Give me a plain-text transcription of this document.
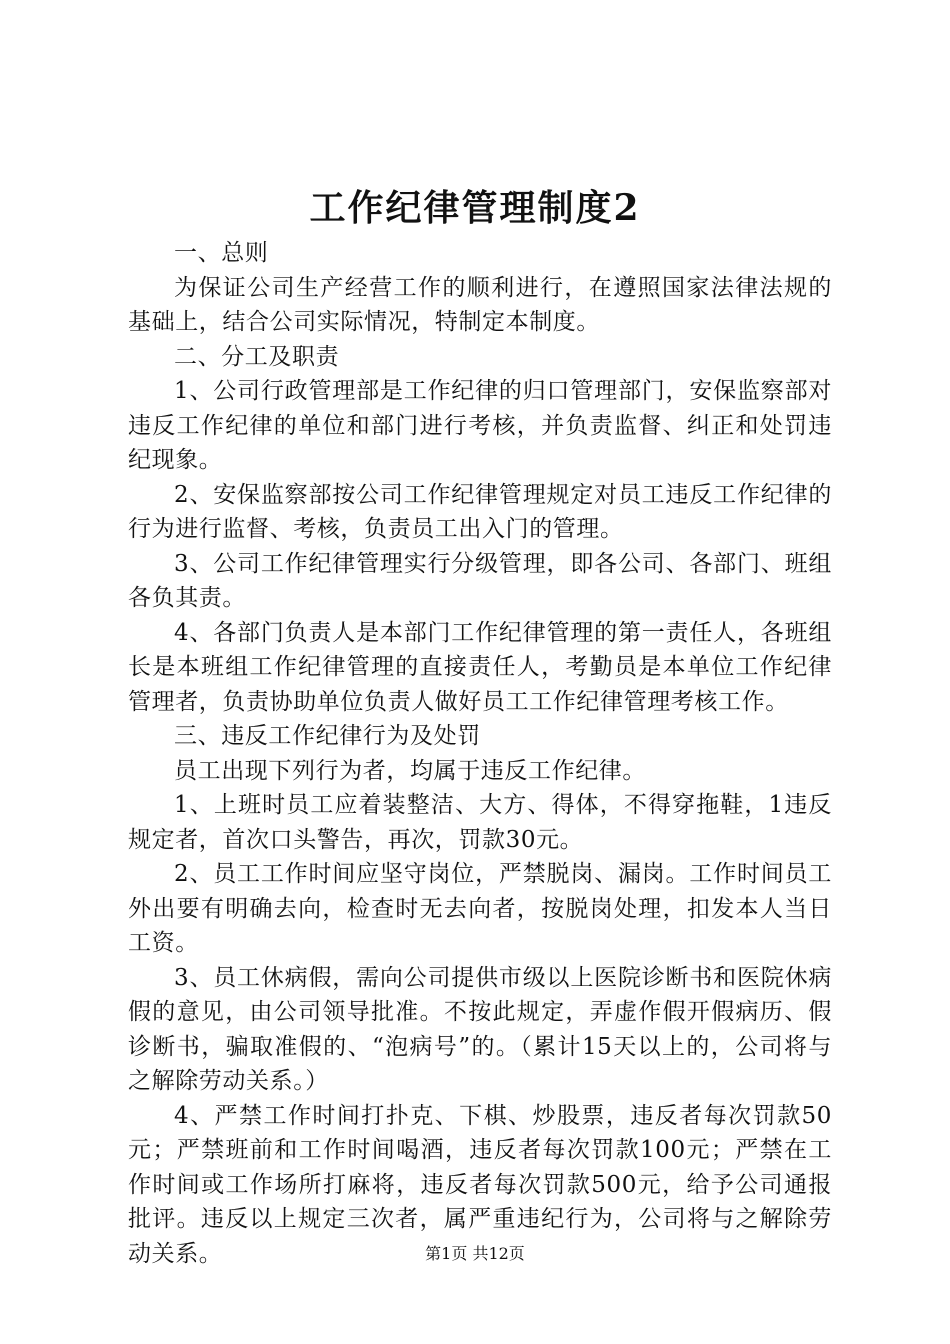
工作纪律管理制度2

一、总则

为保证公司生产经营工作的顺利进行，在遵照国家法律法规的基础上，结合公司实际情况，特制定本制度。

二、分工及职责

1、公司行政管理部是工作纪律的归口管理部门，安保监察部对违反工作纪律的单位和部门进行考核，并负责监督、纠正和处罚违纪现象。

2、安保监察部按公司工作纪律管理规定对员工违反工作纪律的行为进行监督、考核，负责员工出入门的管理。

3、公司工作纪律管理实行分级管理，即各公司、各部门、班组各负其责。

4、各部门负责人是本部门工作纪律管理的第一责任人，各班组长是本班组工作纪律管理的直接责任人，考勤员是本单位工作纪律管理者，负责协助单位负责人做好员工工作纪律管理考核工作。

三、违反工作纪律行为及处罚

员工出现下列行为者，均属于违反工作纪律。

1、上班时员工应着装整洁、大方、得体，不得穿拖鞋，1违反规定者，首次口头警告，再次，罚款30元。

2、员工工作时间应坚守岗位，严禁脱岗、漏岗。工作时间员工外出要有明确去向，检查时无去向者，按脱岗处理，扣发本人当日工资。

3、员工休病假，需向公司提供市级以上医院诊断书和医院休病假的意见，由公司领导批准。不按此规定，弄虚作假开假病历、假诊断书，骗取准假的、“泡病号”的。（累计15天以上的，公司将与之解除劳动关系。）

4、严禁工作时间打扑克、下棋、炒股票，违反者每次罚款50元；严禁班前和工作时间喝酒，违反者每次罚款100元；严禁在工作时间或工作场所打麻将，违反者每次罚款500元，给予公司通报批评。违反以上规定三次者，属严重违纪行为，公司将与之解除劳动关系。	第1页 共12页
